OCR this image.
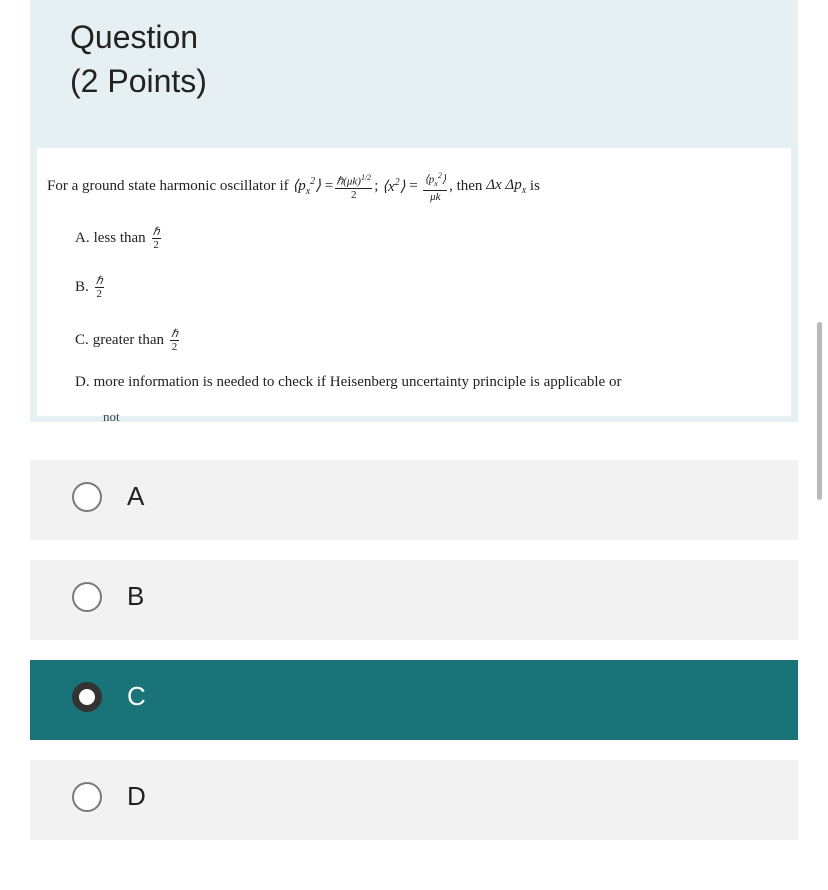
Question
(2 Points)
For a ground state harmonic oscillator if
$⟨p_x^2⟩$
= $\frac{\hbar(\mu k)^{1/2}}{2}$ ;
$⟨x^2⟩$
=
$\frac{⟨p_x^2⟩}{\mu k}$ ,
then
Δx $\Delta p_x$
is
A. less than $\frac{\text{ℏ}}{2}$
B. $\frac{\text{ℏ}}{2}$
C. greater than $\frac{\text{ℏ}}{2}$
D. more information is needed to check if Heisenberg uncertainty principle is applicable or
not
A
B
C
D
